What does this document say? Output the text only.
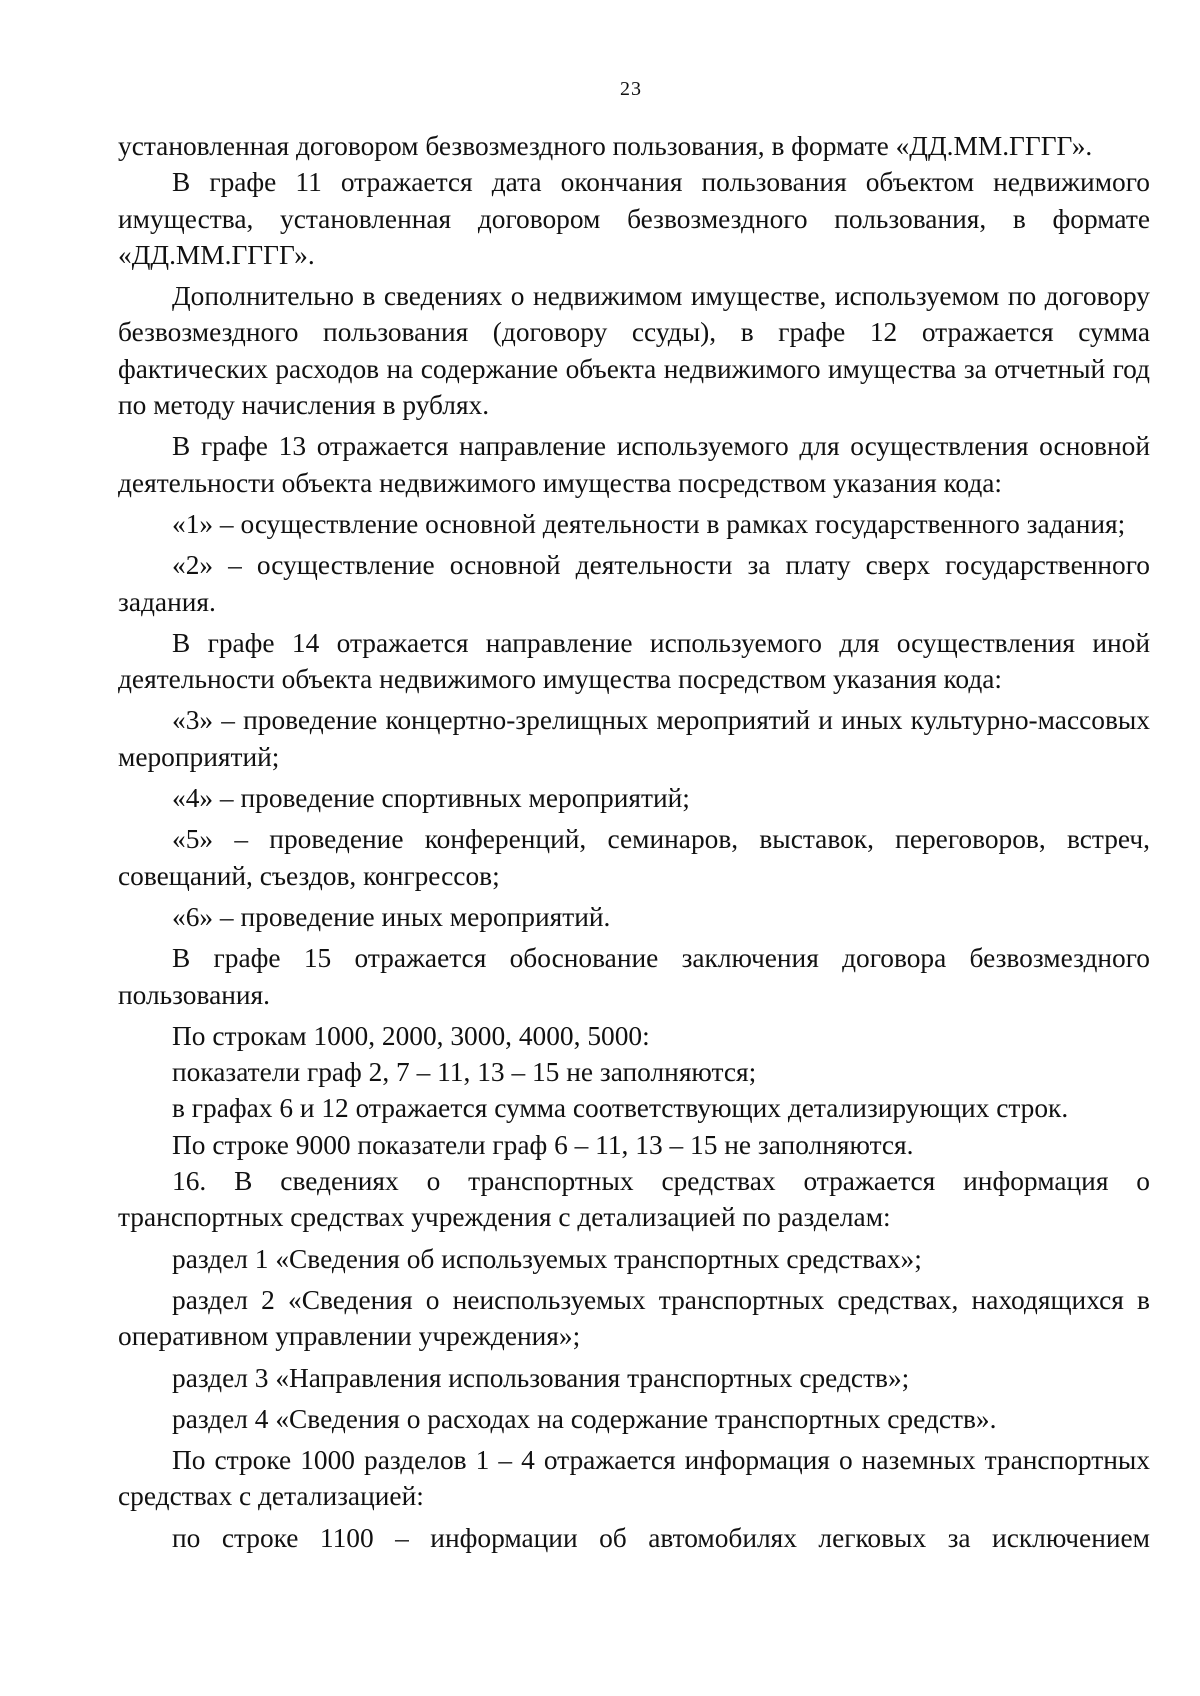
23

установленная договором безвозмездного пользования, в формате «ДД.ММ.ГГГГ».

В графе 11 отражается дата окончания пользования объектом недвижимого имущества, установленная договором безвозмездного пользования, в формате «ДД.ММ.ГГГГ».

Дополнительно в сведениях о недвижимом имуществе, используемом по договору безвозмездного пользования (договору ссуды), в графе 12 отражается сумма фактических расходов на содержание объекта недвижимого имущества за отчетный год по методу начисления в рублях.

В графе 13 отражается направление используемого для осуществления основной деятельности объекта недвижимого имущества посредством указания кода:

«1» – осуществление основной деятельности в рамках государственного задания;

«2» – осуществление основной деятельности за плату сверх государственного задания.

В графе 14 отражается направление используемого для осуществления иной деятельности объекта недвижимого имущества посредством указания кода:

«3» – проведение концертно-зрелищных мероприятий и иных культурно-массовых мероприятий;

«4» – проведение спортивных мероприятий;

«5» – проведение конференций, семинаров, выставок, переговоров, встреч, совещаний, съездов, конгрессов;

«6» – проведение иных мероприятий.

В графе 15 отражается обоснование заключения договора безвозмездного пользования.

По строкам 1000, 2000, 3000, 4000, 5000:

показатели граф 2, 7 – 11, 13 – 15 не заполняются;

в графах 6 и 12 отражается сумма соответствующих детализирующих строк.

По строке 9000 показатели граф 6 – 11, 13 – 15 не заполняются.

16. В сведениях о транспортных средствах отражается информация о транспортных средствах учреждения с детализацией по разделам:

раздел 1 «Сведения об используемых транспортных средствах»;

раздел 2 «Сведения о неиспользуемых транспортных средствах, находящихся в оперативном управлении учреждения»;

раздел 3 «Направления использования транспортных средств»;

раздел 4 «Сведения о расходах на содержание транспортных средств».

По строке 1000 разделов 1 – 4 отражается информация о наземных транспортных средствах с детализацией:

по строке 1100 – информации об автомобилях легковых за исключением
